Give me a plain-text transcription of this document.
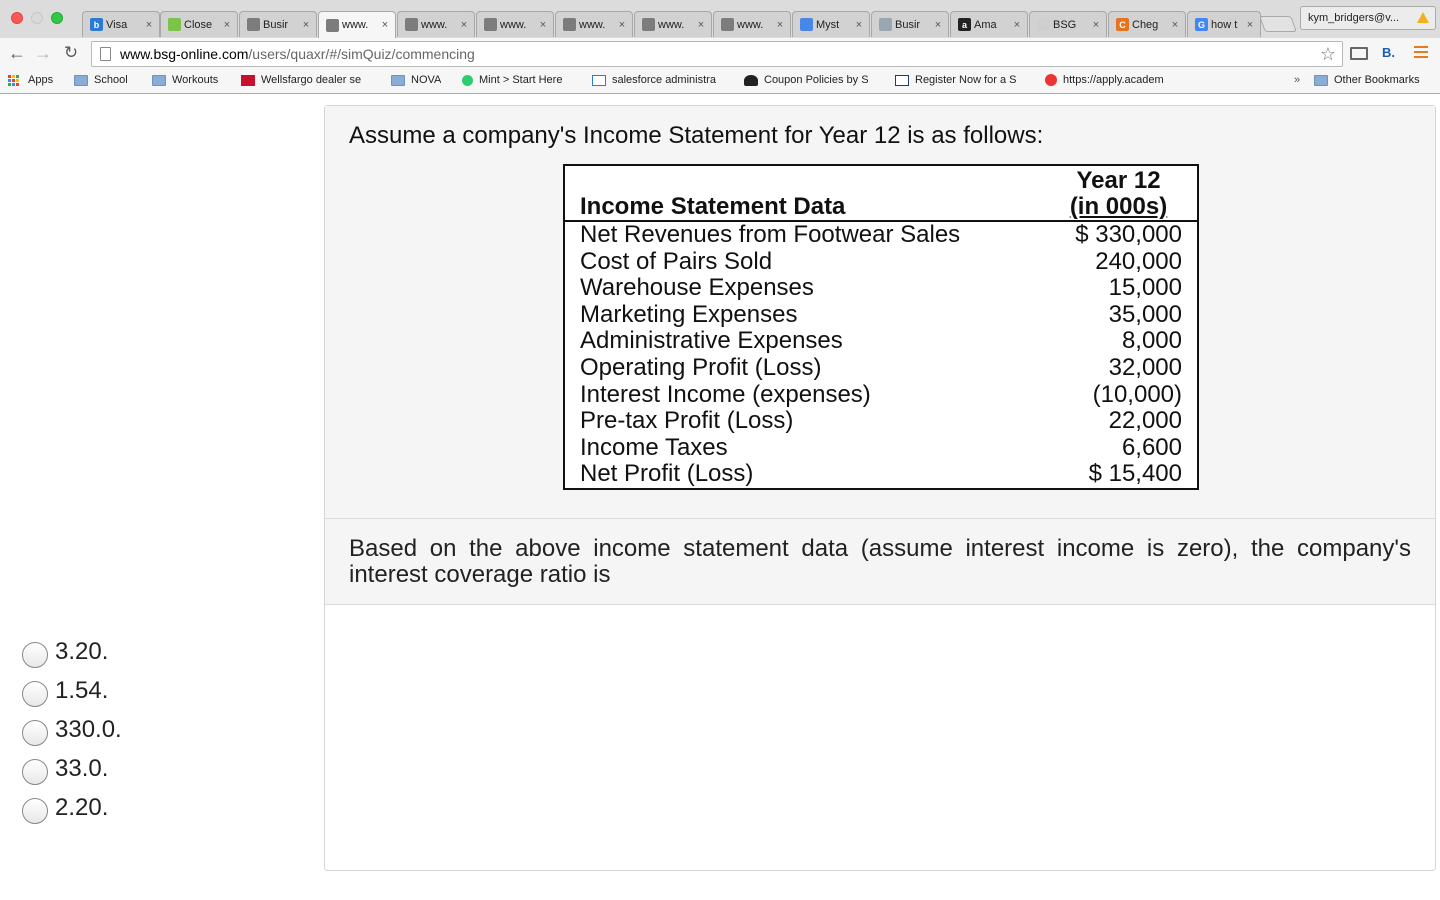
b Visa	×	Close	×	Busir	×	www.	×	www.	×	www.	×	www.	×	www.	×	www.	×	Myst	×	Busir	×	a Ama	×	BSG	×	C Cheg	×	G how t ×
kym_bridgers@v...
← → ↻	www.bsg-online.com/users/quaxr/#/simQuiz/commencing	☆	B.
Apps	School	Workouts	Wellsfargo dealer se	NOVA	Mint > Start Here	salesforce administra	Coupon Policies by S	Register Now for a S	https://apply.academ	»	Other Bookmarks
Assume a company's Income Statement for Year 12 is as follows:
Income Statement Data	Year 12
(in 000s)

Net Revenues from Footwear Sales	$ 330,000
Cost of Pairs Sold	240,000
Warehouse Expenses	15,000
Marketing Expenses	35,000
Administrative Expenses	8,000
Operating Profit (Loss)	32,000
Interest Income (expenses)	(10,000)
Pre-tax Profit (Loss)	22,000
Income Taxes	6,600
Net Profit (Loss)	$ 15,400
Based on the above income statement data (assume interest income is zero), the company's interest coverage ratio is
3.20.
1.54.
330.0.
33.0.
2.20.
